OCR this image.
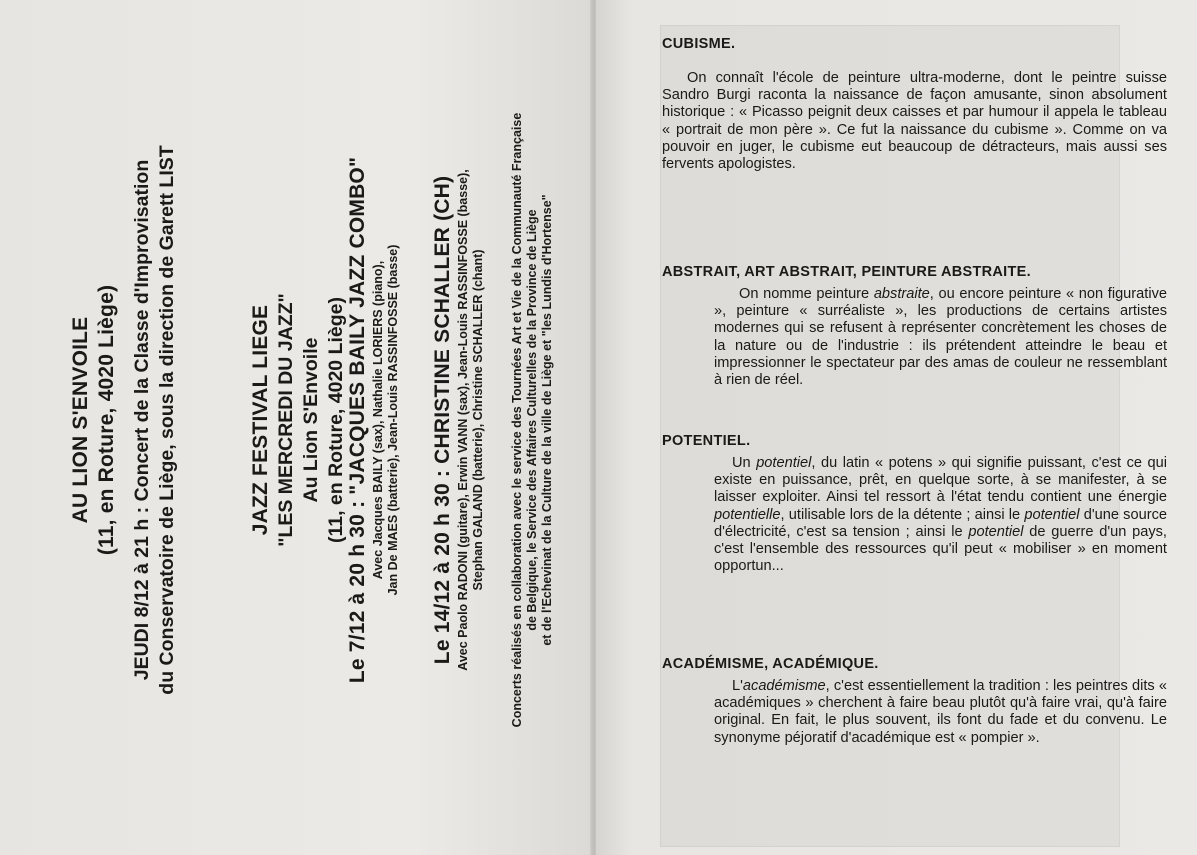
AU LION S'ENVOILE (11, en Roture, 4020 Liège) JEUDI 8/12 à 21 h : Concert de la Classe d'Improvisation du Conservatoire de Liège, sous la direction de Garett LIST	JAZZ FESTIVAL LIEGE "LES MERCREDI DU JAZZ" Au Lion S'Envoile (11, en Roture, 4020 Liège) Le 7/12 à 20 h 30 : "JACQUES BAILY JAZZ COMBO" Avec Jacques BAILY (sax), Nathalie LORIERS (piano), Jan De MAES (batterie), Jean-Louis RASSINFOSSE (basse) Le 14/12 à 20 h 30 : CHRISTINE SCHALLER (CH) Avec Paolo RADONI (guitare), Erwin VANN (sax), Jean-Louis RASSINFOSSE (basse), Stephan GALAND (batterie), Christine SCHALLER (chant) Concerts réalisés en collaboration avec le service des Tournées Art et Vie de la Communauté Française de Belgique, le Service des Affaires Culturelles de la Province de Liège et de l'Echevinat de la Culture de la ville de Liège et "les Lundis d'Hortense"
CUBISME.

On connaît l'école de peinture ultra-moderne, dont le peintre suisse Sandro Burgi raconta la naissance de façon amusante, sinon absolument historique : « Picasso peignit deux caisses et par humour il appela le tableau « portrait de mon père ». Ce fut la naissance du cubisme ». Comme on va pouvoir en juger, le cubisme eut beaucoup de détracteurs, mais aussi ses fervents apologistes.

ABSTRAIT, ART ABSTRAIT, PEINTURE ABSTRAITE.

On nomme peinture abstraite, ou encore peinture « non figurative », peinture « surréaliste », les productions de certains artistes modernes qui se refusent à représenter concrètement les choses de la nature ou de l'industrie : ils prétendent atteindre le beau et impressionner le spectateur par des amas de couleur ne ressemblant à rien de réel.

POTENTIEL.

Un potentiel, du latin « potens » qui signifie puissant, c'est ce qui existe en puissance, prêt, en quelque sorte, à se manifester, à se laisser exploiter. Ainsi tel ressort à l'état tendu contient une énergie potentielle, utilisable lors de la détente ; ainsi le potentiel d'une source d'électricité, c'est sa tension ; ainsi le potentiel de guerre d'un pays, c'est l'ensemble des ressources qu'il peut « mobiliser » en moment opportun...

ACADÉMISME, ACADÉMIQUE.

L'académisme, c'est essentiellement la tradition : les peintres dits « académiques » cherchent à faire beau plutôt qu'à faire vrai, qu'à faire original. En fait, le plus souvent, ils font du fade et du convenu. Le synonyme péjoratif d'académique est « pompier ».
